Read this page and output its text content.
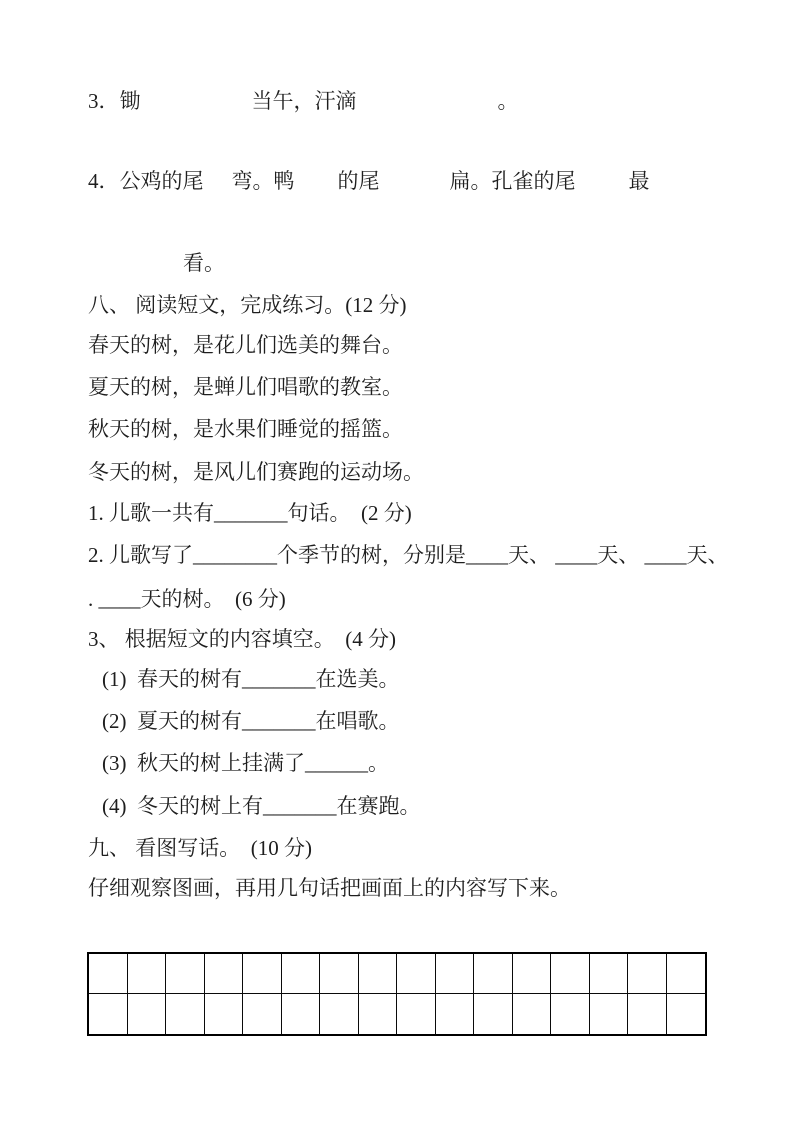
3．锄	当午，汗滴	。
4．公鸡的尾 弯。鸭 的尾	扁。孔雀的尾	最
看。
八、 阅读短文，完成练习。(12 分)
春天的树，是花儿们选美的舞台。
夏天的树，是蝉儿们唱歌的教室。
秋天的树，是水果们睡觉的摇篮。
冬天的树，是风儿们赛跑的运动场。
1. 儿歌一共有_______句话。  (2 分)
2. 儿歌写了________个季节的树，分别是____天、 ____天、 ____天、
. ____天的树。  (6 分)
3、 根据短文的内容填空。  (4 分)
(1)  春天的树有_______在选美。
(2)  夏天的树有_______在唱歌。
(3)  秋天的树上挂满了______。
(4)  冬天的树上有_______在赛跑。
九、 看图写话。  (10 分)
仔细观察图画，再用几句话把画面上的内容写下来。
